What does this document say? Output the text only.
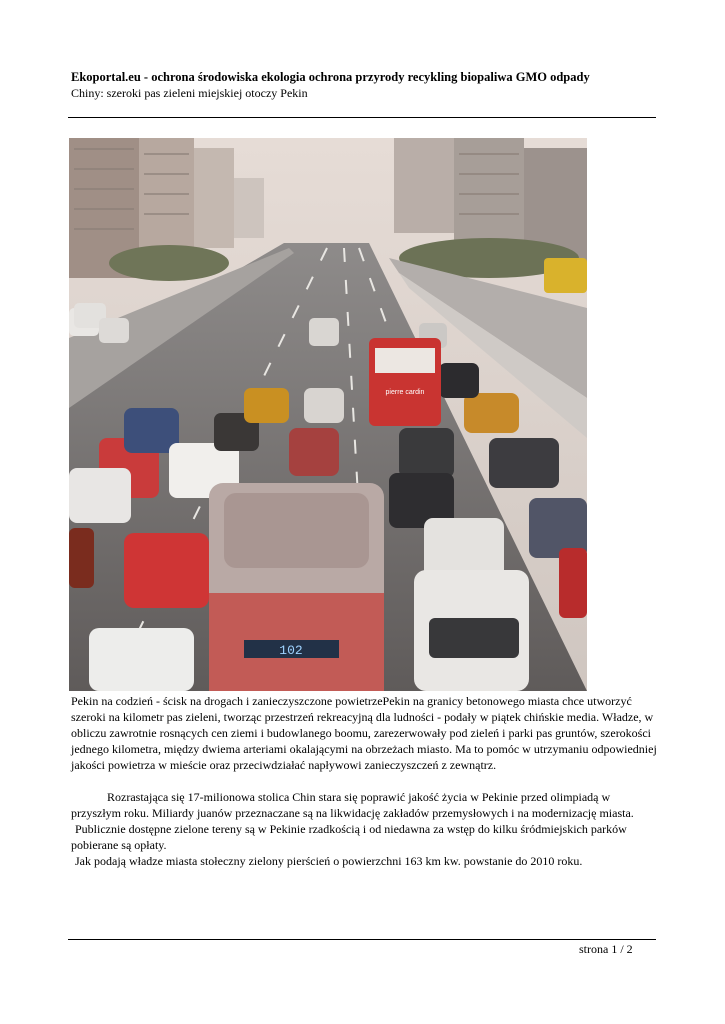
Ekoportal.eu - ochrona środowiska ekologia ochrona przyrody recykling biopaliwa GMO odpady
Chiny: szeroki pas zieleni miejskiej otoczy Pekin
pierre cardin
102

Pekin na codzień - ścisk na drogach i zanieczyszczone powietrzePekin na granicy betonowego miasta chce utworzyć szeroki na kilometr pas zieleni, tworząc przestrzeń rekreacyjną dla ludności - podały w piątek chińskie media. Władze, w obliczu zawrotnie rosnących cen ziemi i budowlanego boomu, zarezerwowały pod zieleń i parki pas gruntów, szerokości jednego kilometra, między dwiema arteriami okalającymi na obrzeżach miasto. Ma to pomóc w utrzymaniu odpowiedniej jakości powietrza w mieście oraz przeciwdziałać napływowi zanieczyszczeń z zewnątrz.

Rozrastająca się 17-milionowa stolica Chin stara się poprawić jakość życia w Pekinie przed olimpiadą w przyszłym roku. Miliardy juanów przeznaczane są na likwidację zakładów przemysłowych i na modernizację miasta.

Publicznie dostępne zielone tereny są w Pekinie rzadkością i od niedawna za wstęp do kilku śródmiejskich parków pobierane są opłaty.

Jak podają władze miasta stołeczny zielony pierścień o powierzchni 163 km kw. powstanie do 2010 roku.

strona 1 / 2
